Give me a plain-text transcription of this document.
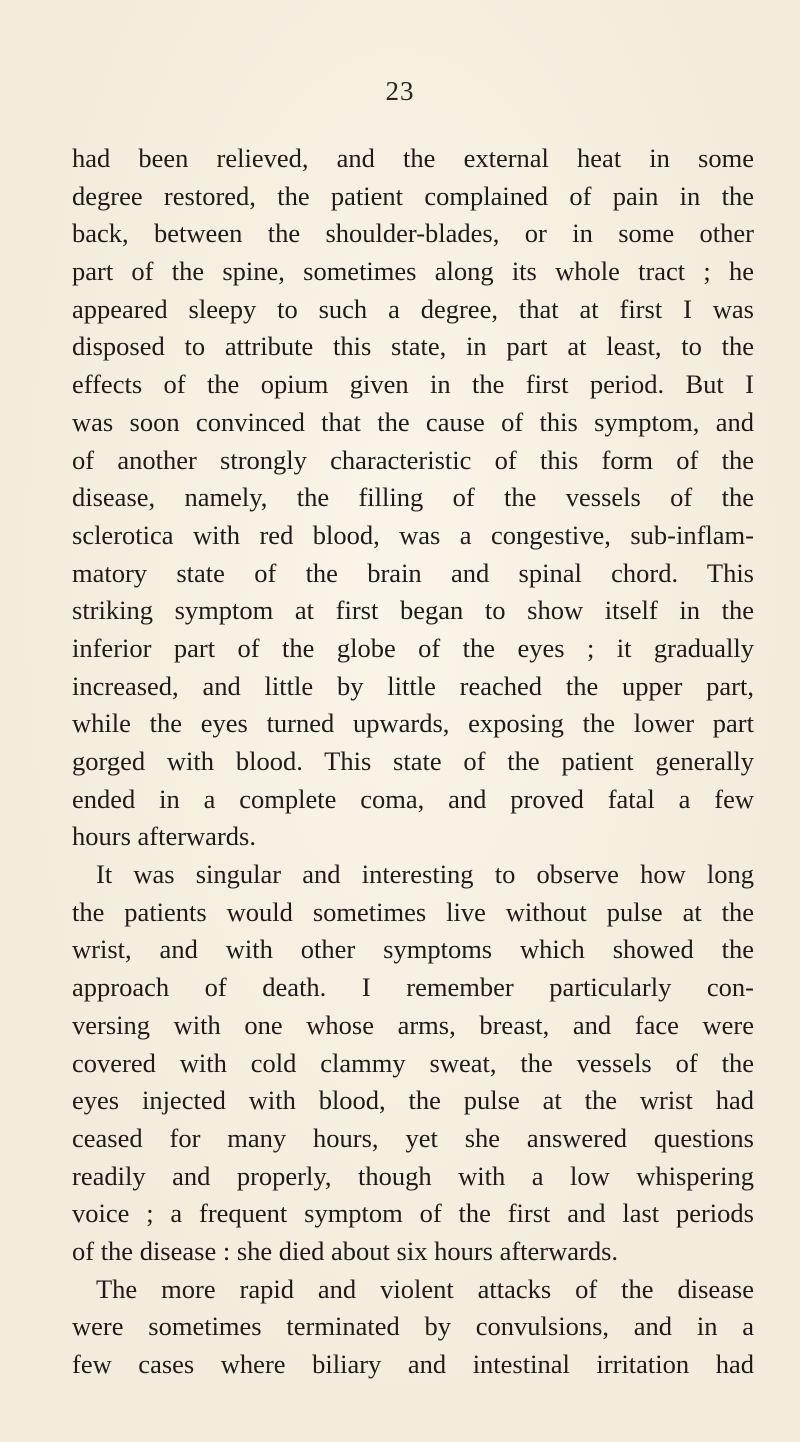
23
had been relieved, and the external heat in some
degree restored, the patient complained of pain in the
back, between the shoulder-blades, or in some other
part of the spine, sometimes along its whole tract ; he
appeared sleepy to such a degree, that at first I was
disposed to attribute this state, in part at least, to the
effects of the opium given in the first period. But I
was soon convinced that the cause of this symptom, and
of another strongly characteristic of this form of the
disease, namely, the filling of the vessels of the
sclerotica with red blood, was a congestive, sub-inflam-
matory state of the brain and spinal chord. This
striking symptom at first began to show itself in the
inferior part of the globe of the eyes ; it gradually
increased, and little by little reached the upper part,
while the eyes turned upwards, exposing the lower part
gorged with blood. This state of the patient generally
ended in a complete coma, and proved fatal a few
hours afterwards.
It was singular and interesting to observe how long
the patients would sometimes live without pulse at the
wrist, and with other symptoms which showed the
approach of death. I remember particularly con-
versing with one whose arms, breast, and face were
covered with cold clammy sweat, the vessels of the
eyes injected with blood, the pulse at the wrist had
ceased for many hours, yet she answered questions
readily and properly, though with a low whispering
voice ; a frequent symptom of the first and last periods
of the disease : she died about six hours afterwards.
The more rapid and violent attacks of the disease
were sometimes terminated by convulsions, and in a
few cases where biliary and intestinal irritation had
